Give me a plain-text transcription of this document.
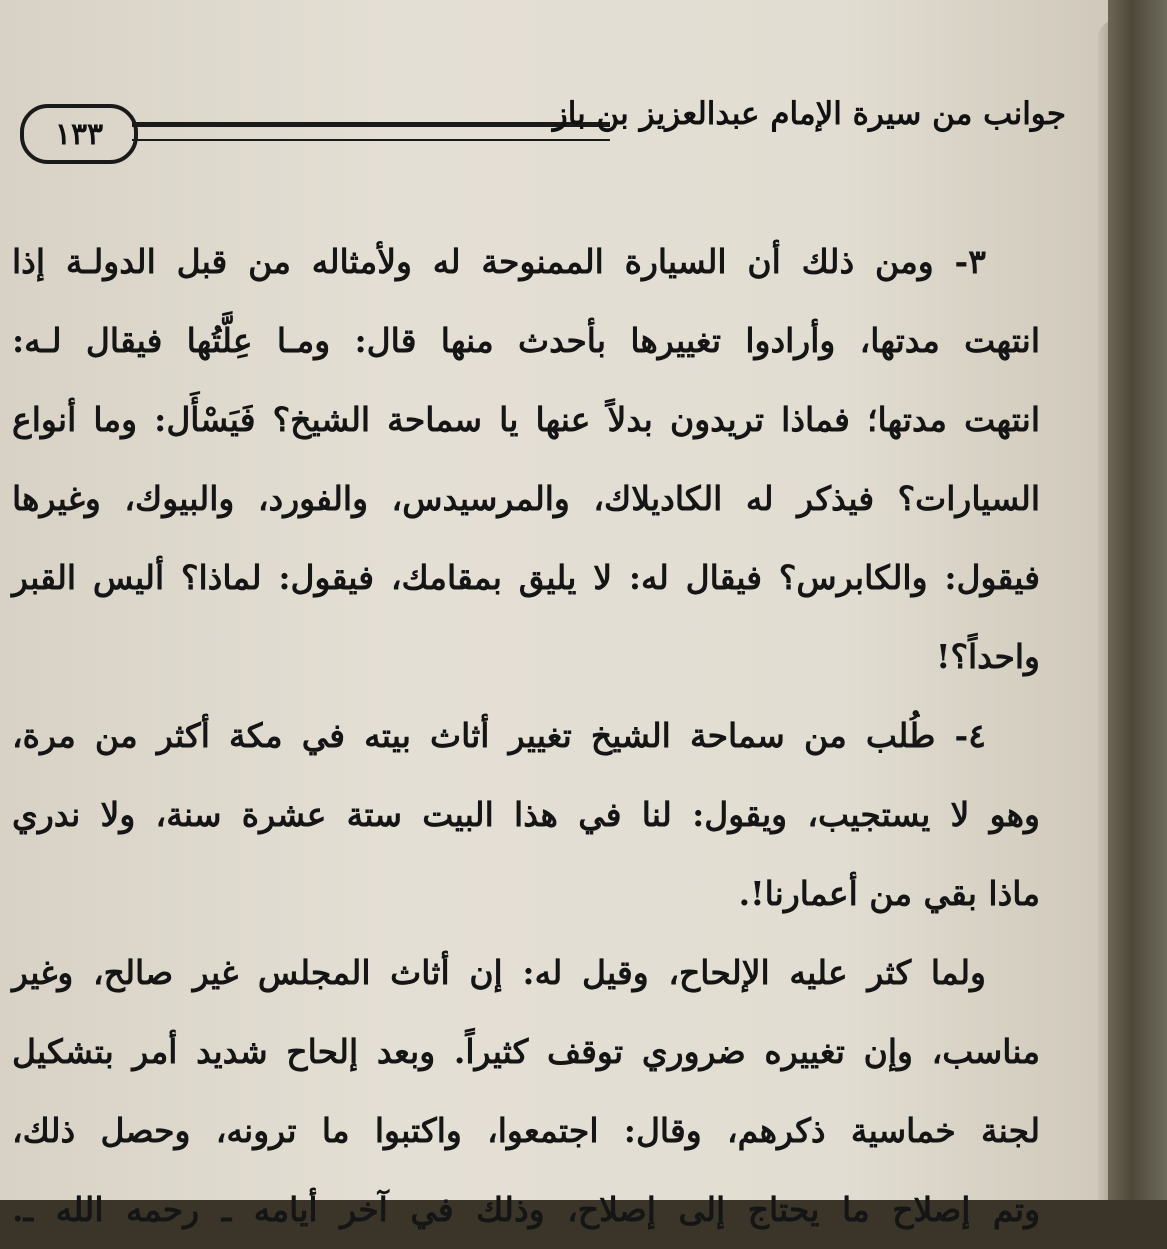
١٣٣
جوانب من سيرة الإمام عبدالعزيز بن باز
٣- ومن ذلك أن السيارة الممنوحة له ولأمثاله من قبل الدولـة إذا
انتهت مدتها، وأرادوا تغييرها بأحدث منها قال: ومـا عِلَّتُها فيقال لـه:
انتهت مدتها؛ فماذا تريدون بدلاً عنها يا سماحة الشيخ؟ فَيَسْأَل: وما أنواع
السيارات؟ فيذكر له الكاديلاك، والمرسيدس، والفورد، والبيوك، وغيرها
فيقول: والكابرس؟ فيقال له: لا يليق بمقامك، فيقول: لماذا؟ أليس القبر
واحداً؟!
٤- طُلب من سماحة الشيخ تغيير أثاث بيته في مكة أكثر من مرة،
وهو لا يستجيب، ويقول: لنا في هذا البيت ستة عشرة سنة، ولا ندري
ماذا بقي من أعمارنا!.
ولما كثر عليه الإلحاح، وقيل له: إن أثاث المجلس غير صالح، وغير
مناسب، وإن تغييره ضروري توقف كثيراً. وبعد إلحاح شديد أمر بتشكيل
لجنة خماسية ذكرهم، وقال: اجتمعوا، واكتبوا ما ترونه، وحصل ذلك،
وتم إصلاح ما يحتاج إلى إصلاح، وذلك في آخر أيامه ـ رحمه الله ـ.
